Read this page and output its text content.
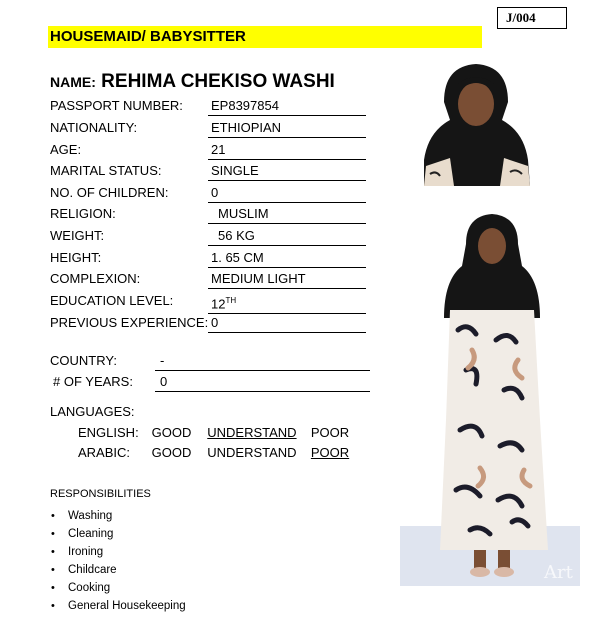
J/004
HOUSEMAID/ BABYSITTER
NAME: REHIMA CHEKISO WASHI
PASSPORT NUMBER: EP8397854
NATIONALITY:	ETHIOPIAN
AGE:	21
MARITAL STATUS:	SINGLE
NO. OF CHILDREN:	0
RELIGION:	MUSLIM
WEIGHT:	56 KG
HEIGHT:	1. 65 CM
COMPLEXION:	MEDIUM LIGHT
EDUCATION LEVEL:	12TH
PREVIOUS EXPERIENCE: 0
COUNTRY:	-
# OF YEARS:	0
LANGUAGES:
ENGLISH: GOOD UNDERSTAND POOR
ARABIC: GOOD UNDERSTAND POOR
RESPONSIBILITIES
• Washing
• Cleaning
• Ironing
• Childcare
• Cooking
• General Housekeeping
Art
